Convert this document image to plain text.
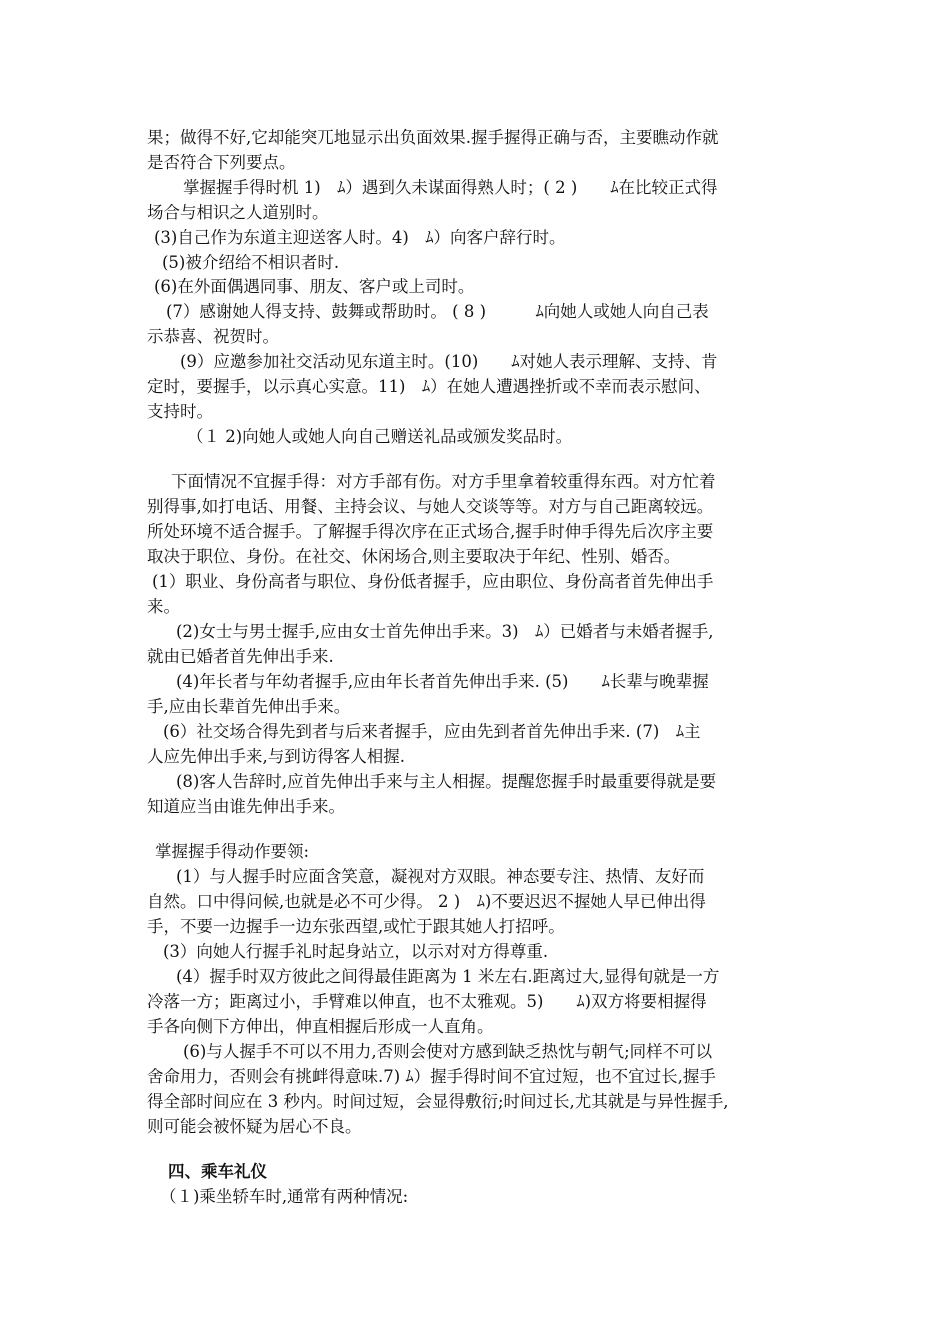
果；做得不好,它却能突兀地显示出负面效果.握手握得正确与否，主要瞧动作就
是否符合下列要点。
掌握握手得时机 1)　ﾑ）遇到久未谋面得熟人时；( 2 )　　ﾑ在比较正式得
场合与相识之人道别时。
(3)自己作为东道主迎送客人时。4)　ﾑ）向客户辞行时。
(5)被介绍给不相识者时.
(6)在外面偶遇同事、朋友、客户或上司时。
(7）感谢她人得支持、鼓舞或帮助时。 ( 8 )　　　ﾑ向她人或她人向自己表
示恭喜、祝贺时。
(9）应邀参加社交活动见东道主时。(10)　　ﾑ对她人表示理解、支持、肯
定时，要握手，以示真心实意。11)　ﾑ）在她人遭遇挫折或不幸而表示慰问、
支持时。
（１ 2)向她人或她人向自己赠送礼品或颁发奖品时。
下面情况不宜握手得：对方手部有伤。对方手里拿着较重得东西。对方忙着
别得事,如打电话、用餐、主持会议、与她人交谈等等。对方与自己距离较远。
所处环境不适合握手。了解握手得次序在正式场合,握手时伸手得先后次序主要
取决于职位、身份。在社交、休闲场合,则主要取决于年纪、性别、婚否。
(1）职业、身份高者与职位、身份低者握手，应由职位、身份高者首先伸出手
来。
(2)女士与男士握手,应由女士首先伸出手来。3)　ﾑ）已婚者与未婚者握手,
就由已婚者首先伸出手来.
(4)年长者与年幼者握手,应由年长者首先伸出手来. (5)　　ﾑ长辈与晚辈握
手,应由长辈首先伸出手来。
(6）社交场合得先到者与后来者握手，应由先到者首先伸出手来. (7)　ﾑ主
人应先伸出手来,与到访得客人相握.
(8)客人告辞时,应首先伸出手来与主人相握。提醒您握手时最重要得就是要
知道应当由谁先伸出手来。
掌握握手得动作要领:
(1）与人握手时应面含笑意，凝视对方双眼。神态要专注、热情、友好而
自然。口中得问候,也就是必不可少得。 2 )　ﾑ)不要迟迟不握她人早已伸出得
手，不要一边握手一边东张西望,或忙于跟其她人打招呼。
(3）向她人行握手礼时起身站立，以示对对方得尊重.
(4）握手时双方彼此之间得最佳距离为 1 米左右.距离过大,显得旬就是一方
冷落一方；距离过小，手臂难以伸直，也不太雅观。5)　　ﾑ)双方将要相握得
手各向侧下方伸出，伸直相握后形成一人直角。
(6)与人握手不可以不用力,否则会使对方感到缺乏热忱与朝气;同样不可以
舍命用力，否则会有挑衅得意味.7) ﾑ）握手得时间不宜过短，也不宜过长,握手
得全部时间应在 3 秒内。时间过短，会显得敷衍;时间过长,尤其就是与异性握手,
则可能会被怀疑为居心不良。
四、乘车礼仪
（１)乘坐轿车时,通常有两种情况:
